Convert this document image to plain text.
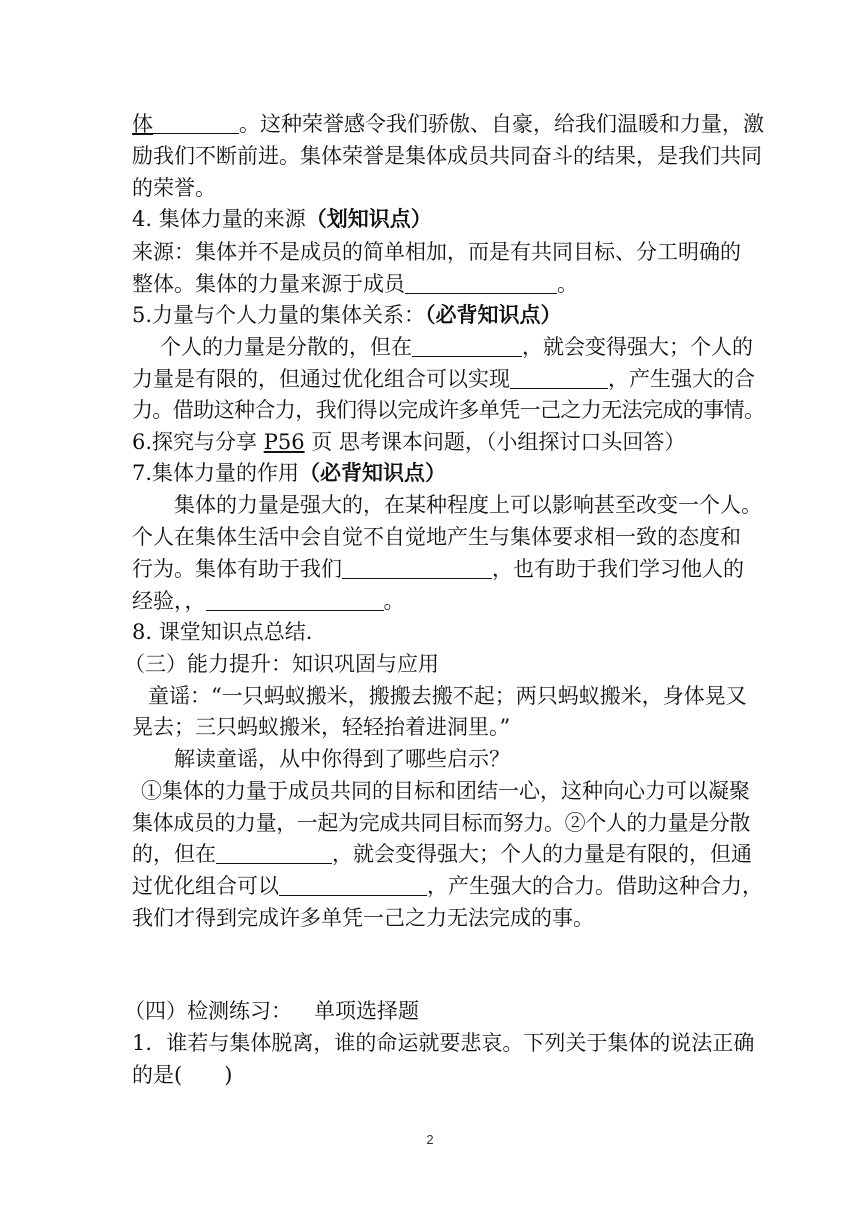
体	。这种荣誉感令我们骄傲、自豪，给我们温暖和力量，激
励我们不断前进。集体荣誉是集体成员共同奋斗的结果，是我们共同
的荣誉。
4. 集体力量的来源（划知识点）
来源：集体并不是成员的简单相加，而是有共同目标、分工明确的
整体。集体的力量来源于成员	。
5.力量与个人力量的集体关系：（必背知识点）
个人的力量是分散的，但在	，就会变得强大；个人的
力量是有限的，但通过优化组合可以实现	，产生强大的合
力。借助这种合力，我们得以完成许多单凭一己之力无法完成的事情。
6.探究与分享 P56 页 思考课本问题，（小组探讨口头回答）
7.集体力量的作用（必背知识点）
集体的力量是强大的，在某种程度上可以影响甚至改变一个人。
个人在集体生活中会自觉不自觉地产生与集体要求相一致的态度和
行为。集体有助于我们	，也有助于我们学习他人的
经验，，	。
8. 课堂知识点总结.
（三）能力提升：知识巩固与应用
童谣：“一只蚂蚁搬米，搬搬去搬不起；两只蚂蚁搬米，身体晃又
晃去；三只蚂蚁搬米，轻轻抬着进洞里。”
解读童谣，从中你得到了哪些启示？
①集体的力量于成员共同的目标和团结一心，这种向心力可以凝聚
集体成员的力量，一起为完成共同目标而努力。②个人的力量是分散
的，但在	，就会变得强大；个人的力量是有限的，但通
过优化组合可以	，产生强大的合力。借助这种合力，
我们才得到完成许多单凭一己之力无法完成的事。
（四）检测练习： 单项选择题
1．谁若与集体脱离，谁的命运就要悲哀。下列关于集体的说法正确
的是(　　)
2
